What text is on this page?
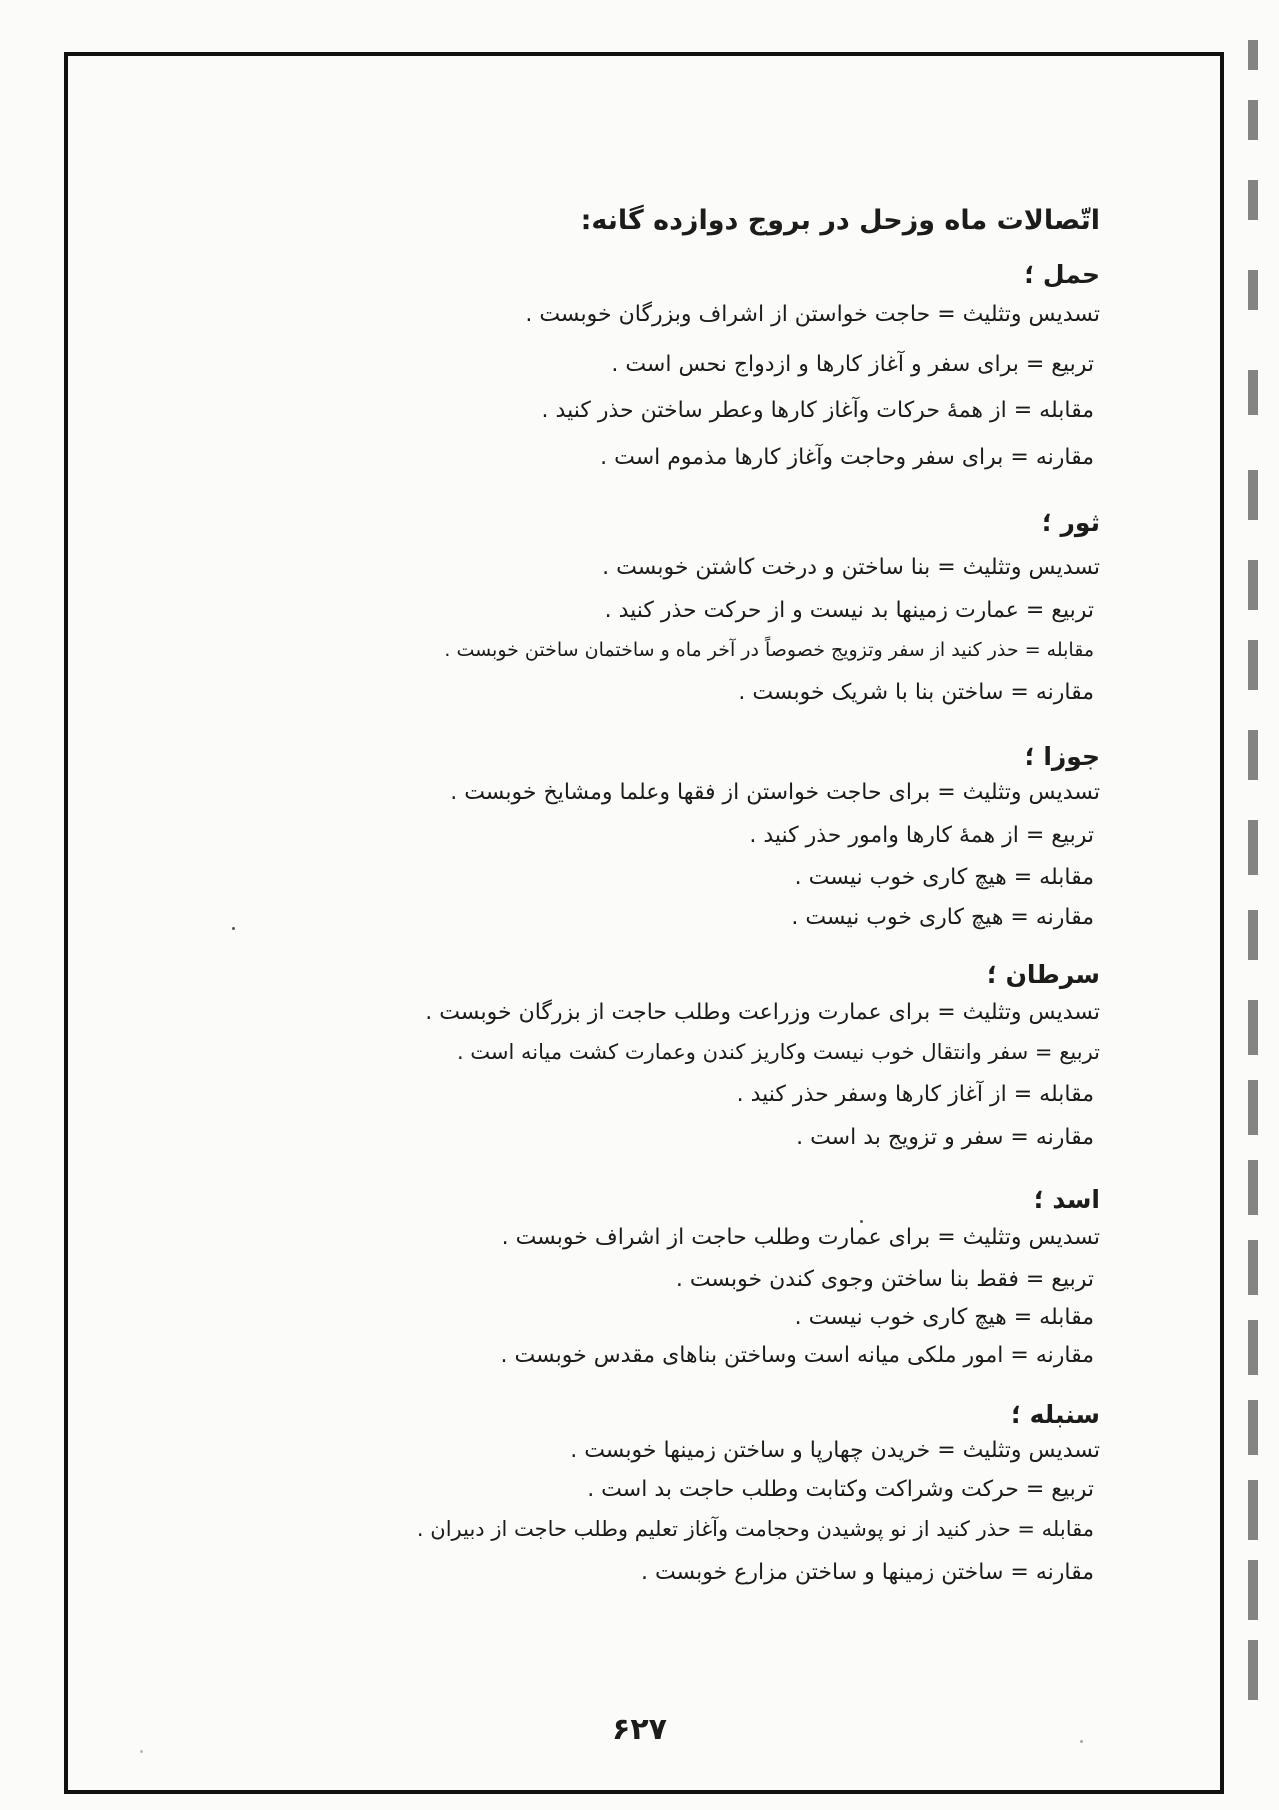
اتّصالات ماه وزحل در بروج دوازده گانه:
حمل ؛
تسدیس وتثلیث = حاجت خواستن از اشراف وبزرگان خوبست .
تربیع = برای سفر و آغاز کارها و ازدواج نحس است .
مقابله = از همهٔ حرکات وآغاز کارها وعطر ساختن حذر کنید .
مقارنه = برای سفر وحاجت وآغاز کارها مذموم است .
ثور ؛
تسدیس وتثلیث = بنا ساختن و درخت کاشتن خوبست .
تربیع = عمارت زمینها بد نیست و از حرکت حذر کنید .
مقابله = حذر کنید از سفر وتزویج خصوصاً در آخر ماه و ساختمان ساختن خوبست .
مقارنه = ساختن بنا با شریک خوبست .
جوزا ؛
تسدیس وتثلیث = برای حاجت خواستن از فقها وعلما ومشایخ خوبست .
تربیع = از همهٔ کارها وامور حذر کنید .
مقابله = هیچ کاری خوب نیست .
مقارنه = هیچ کاری خوب نیست .
سرطان ؛
تسدیس وتثلیث = برای عمارت وزراعت وطلب حاجت از بزرگان خوبست .
تربیع = سفر وانتقال خوب نیست وکاریز کندن وعمارت کشت میانه است .
مقابله = از آغاز کارها وسفر حذر کنید .
مقارنه = سفر و تزویج بد است .
اسد ؛
تسدیس وتثلیث = برای عمارت وطلب حاجت از اشراف خوبست .
تربیع = فقط بنا ساختن وجوی کندن خوبست .
مقابله = هیچ کاری خوب نیست .
مقارنه = امور ملکی میانه است وساختن بناهای مقدس خوبست .
سنبله ؛
تسدیس وتثلیث = خریدن چهارپا و ساختن زمینها خوبست .
تربیع = حرکت وشراکت وکتابت وطلب حاجت بد است .
مقابله = حذر کنید از نو پوشیدن وحجامت وآغاز تعلیم وطلب حاجت از دبیران .
مقارنه = ساختن زمینها و ساختن مزارع خوبست .
۶۲۷
